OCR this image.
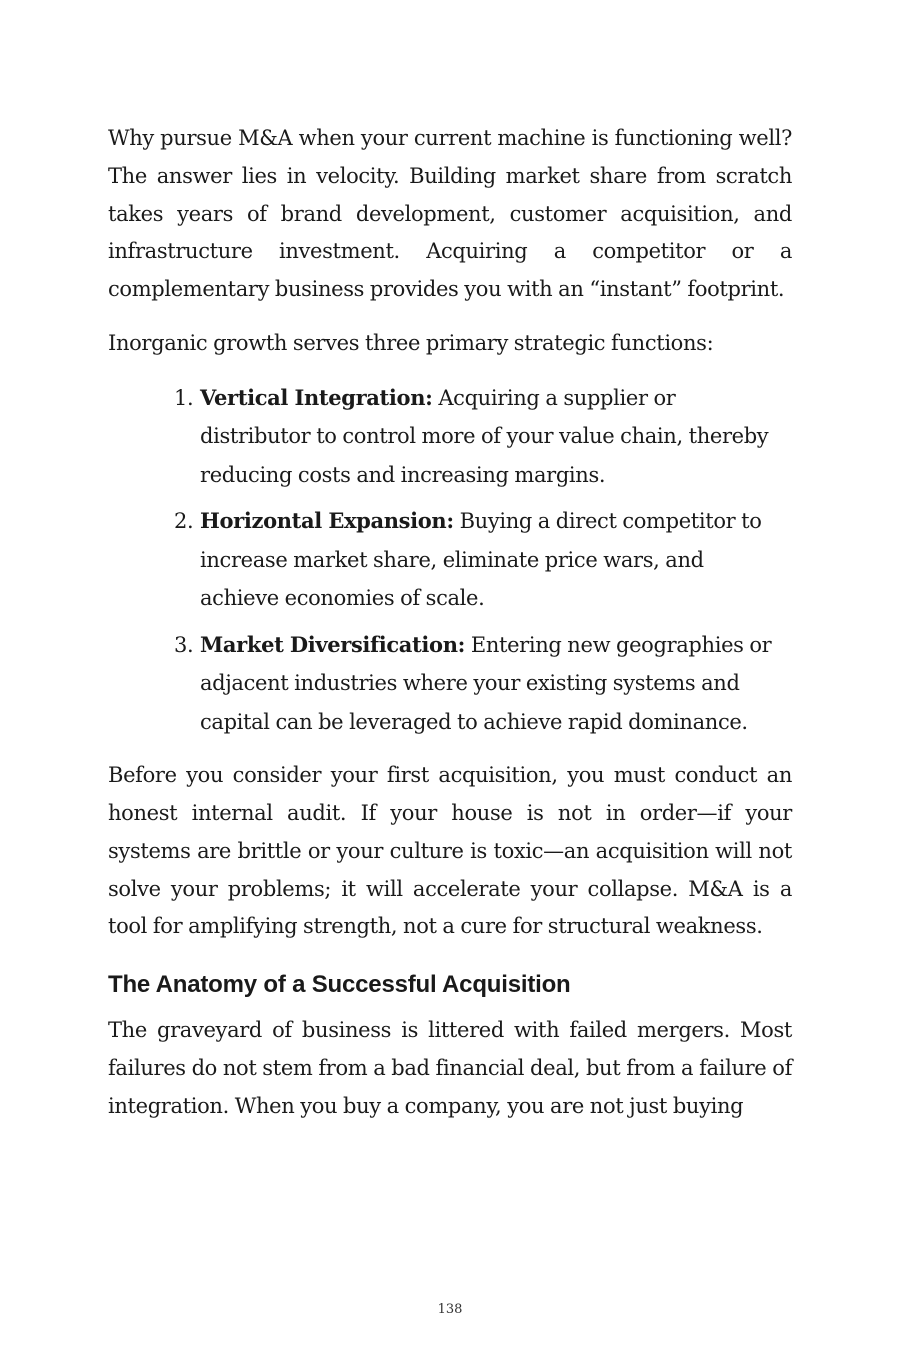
Why pursue M&A when your current machine is functioning well? The answer lies in velocity. Building market share from scratch takes years of brand development, customer acquisition, and infrastructure investment. Acquiring a competitor or a complementary business provides you with an “instant” footprint.

Inorganic growth serves three primary strategic functions:

1. Vertical Integration: Acquiring a supplier or distributor to control more of your value chain, thereby reducing costs and increasing margins.
2. Horizontal Expansion: Buying a direct competitor to increase market share, eliminate price wars, and achieve economies of scale.
3. Market Diversification: Entering new geographies or adjacent industries where your existing systems and capital can be leveraged to achieve rapid dominance.

Before you consider your first acquisition, you must conduct an honest internal audit. If your house is not in order—if your systems are brittle or your culture is toxic—an acquisition will not solve your problems; it will accelerate your collapse. M&A is a tool for amplifying strength, not a cure for structural weakness.

The Anatomy of a Successful Acquisition

The graveyard of business is littered with failed mergers. Most failures do not stem from a bad financial deal, but from a failure of integration. When you buy a company, you are not just buying

138
